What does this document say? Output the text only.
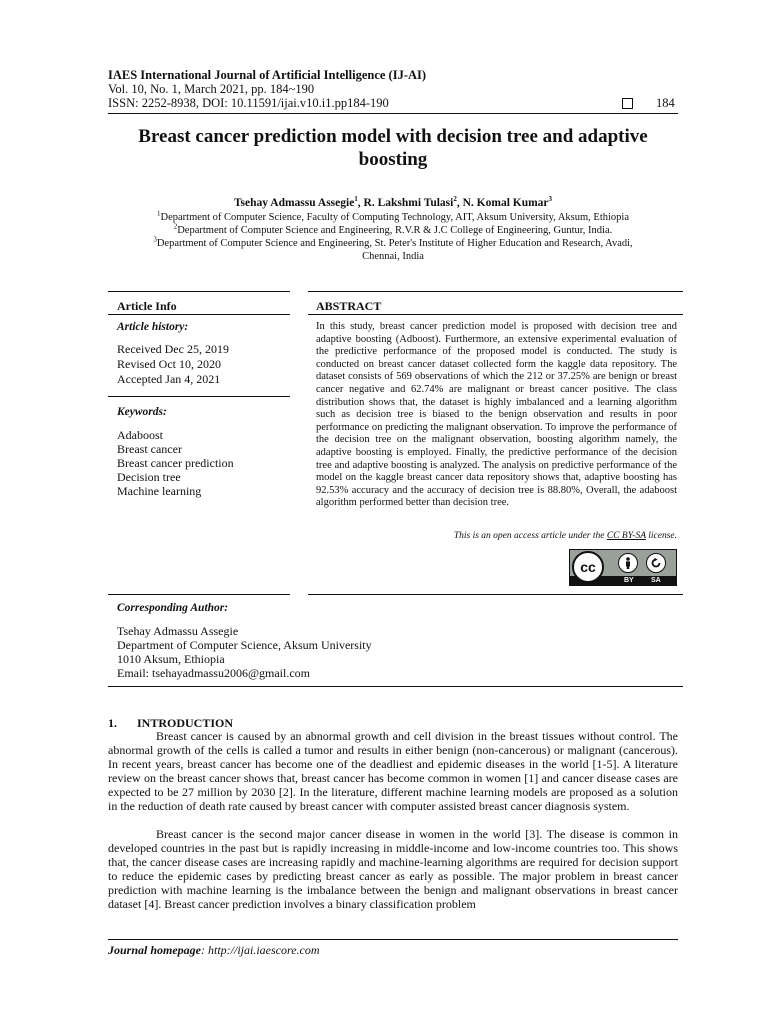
IAES International Journal of Artificial Intelligence (IJ-AI)
Vol. 10, No. 1, March 2021, pp. 184~190
ISSN: 2252-8938, DOI: 10.11591/ijai.v10.i1.pp184-190	184
Breast cancer prediction model with decision tree and adaptive
boosting
Tsehay Admassu Assegie$^1$, R. Lakshmi Tulasi$^2$, N. Komal Kumar$^3$
$^1$Department of Computer Science, Faculty of Computing Technology, AIT, Aksum University, Aksum, Ethiopia
$^2$Department of Computer Science and Engineering, R.V.R & J.C College of Engineering, Guntur, India.
$^3$Department of Computer Science and Engineering, St. Peter's Institute of Higher Education and Research, Avadi,
Chennai, India
Article Info
Article history:
Received Dec 25, 2019
Revised Oct 10, 2020
Accepted Jan 4, 2021
Keywords:
Adaboost
Breast cancer
Breast cancer prediction
Decision tree
Machine learning
ABSTRACT
In this study, breast cancer prediction model is proposed with decision tree and adaptive boosting (Adboost). Furthermore, an extensive experimental evaluation of the predictive performance of the proposed model is conducted. The study is conducted on breast cancer dataset collected form the kaggle data repository. The dataset consists of 569 observations of which the 212 or 37.25% are benign or breast cancer negative and 62.74% are malignant or breast cancer positive. The class distribution shows that, the dataset is highly imbalanced and a learning algorithm such as decision tree is biased to the benign observation and results in poor performance on predicting the malignant observation. To improve the performance of the decision tree on the malignant observation, boosting algorithm namely, the adaptive boosting is employed. Finally, the predictive performance of the decision tree and adaptive boosting is analyzed. The analysis on predictive performance of the model on the kaggle breast cancer data repository shows that, adaptive boosting has 92.53% accuracy and the accuracy of decision tree is 88.80%, Overall, the adaboost algorithm performed better than decision tree.
This is an open access article under the CC BY-SA license.
cc
BY SA
Corresponding Author:
Tsehay Admassu Assegie
Department of Computer Science, Aksum University
1010 Aksum, Ethiopia
Email: tsehayadmassu2006@gmail.com
1. INTRODUCTION

Breast cancer is caused by an abnormal growth and cell division in the breast tissues without control. The abnormal growth of the cells is called a tumor and results in either benign (non-cancerous) or malignant (cancerous). In recent years, breast cancer has become one of the deadliest and epidemic diseases in the world [1-5]. A literature review on the breast cancer shows that, breast cancer has become common in women [1] and cancer disease cases are expected to be 27 million by 2030 [2]. In the literature, different machine learning models are proposed as a solution in the reduction of death rate caused by breast cancer with computer assisted breast cancer diagnosis system.

Breast cancer is the second major cancer disease in women in the world [3]. The disease is common in developed countries in the past but is rapidly increasing in middle-income and low-income countries too. This shows that, the cancer disease cases are increasing rapidly and machine-learning algorithms are required for decision support to reduce the epidemic cases by predicting breast cancer as early as possible. The major problem in breast cancer prediction with machine learning is the imbalance between the benign and malignant observations in breast cancer dataset [4]. Breast cancer prediction involves a binary classification problem

Journal homepage: http://ijai.iaescore.com
